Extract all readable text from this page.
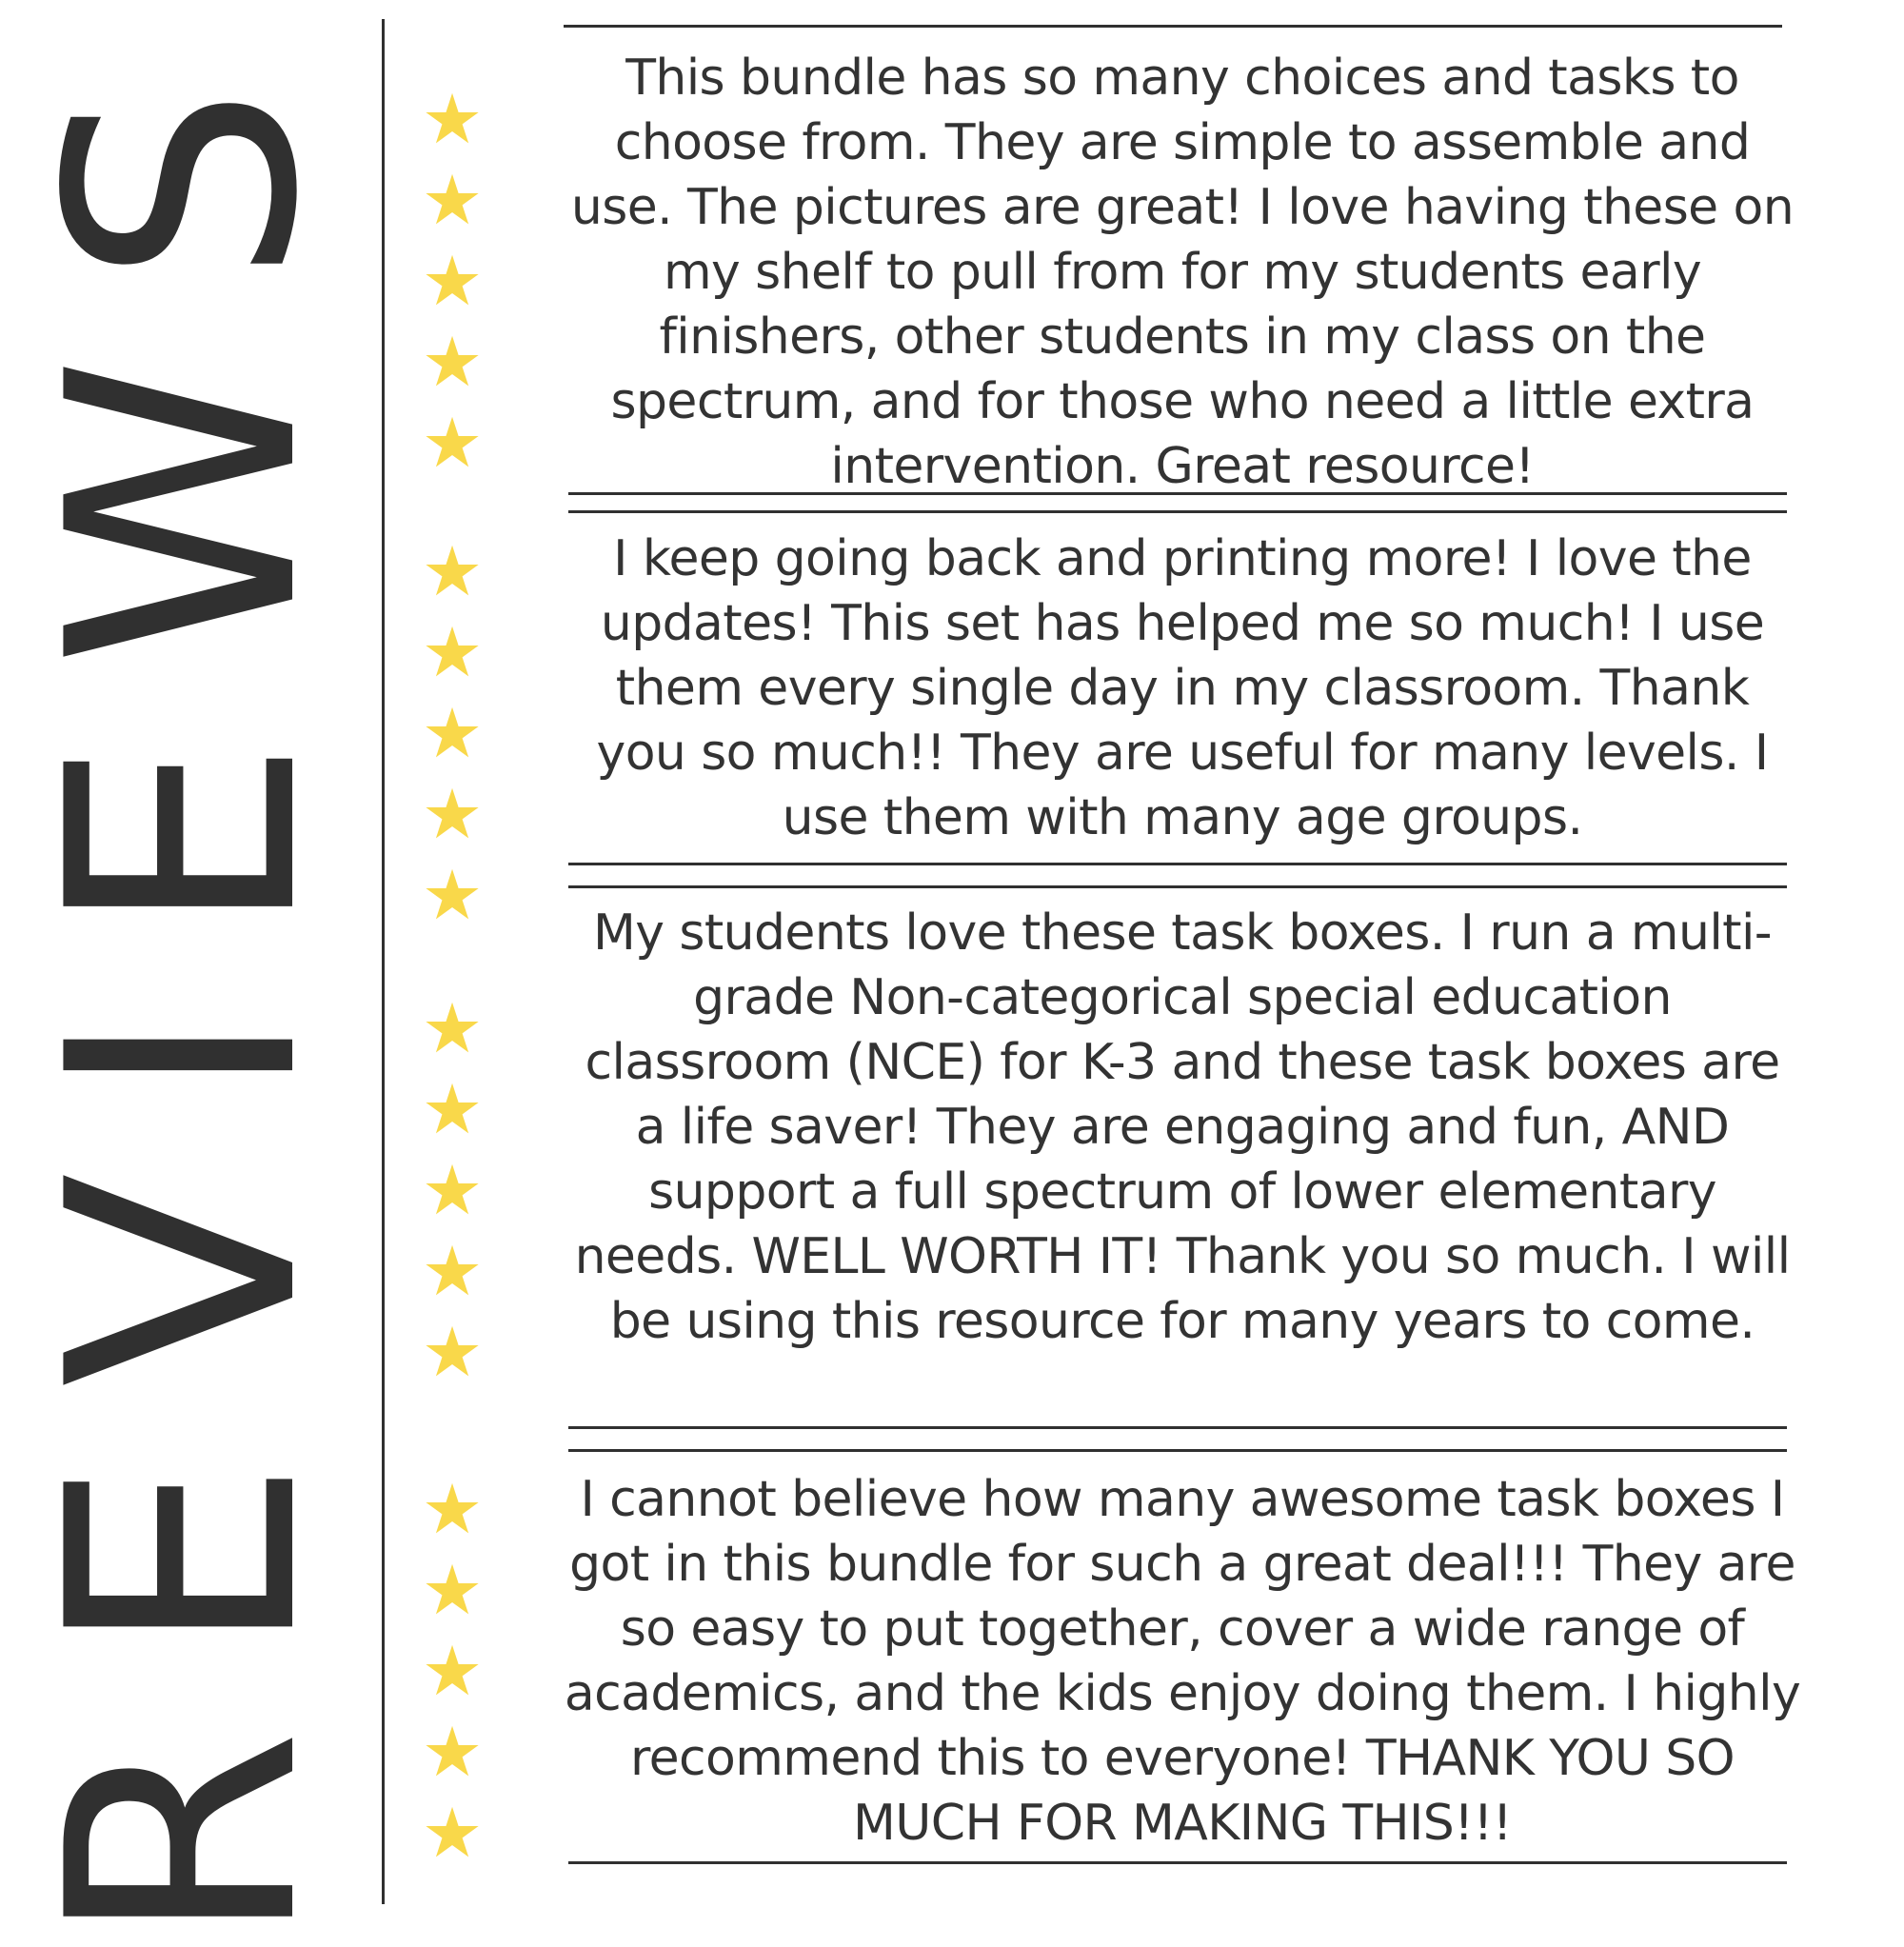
REVIEWS ★
★
★
★
★
★
★
★
★
★
★
★
★
★
★
★
★
★
★
★

This bundle has so many choices and tasks to choose from. They are simple to assemble and use. The pictures are great! I love having these on my shelf to pull from for my students early finishers, other students in my class on the spectrum, and for those who need a little extra intervention. Great resource!

I keep going back and printing more! I love the updates! This set has helped me so much! I use them every single day in my classroom. Thank you so much!! They are useful for many levels. I use them with many age groups.

My students love these task boxes. I run a multi-grade Non-categorical special education classroom (NCE) for K-3 and these task boxes are a life saver! They are engaging and fun, AND support a full spectrum of lower elementary needs. WELL WORTH IT! Thank you so much. I will be using this resource for many years to come.

I cannot believe how many awesome task boxes I got in this bundle for such a great deal!!! They are so easy to put together, cover a wide range of academics, and the kids enjoy doing them. I highly recommend this to everyone! THANK YOU SO MUCH FOR MAKING THIS!!!
